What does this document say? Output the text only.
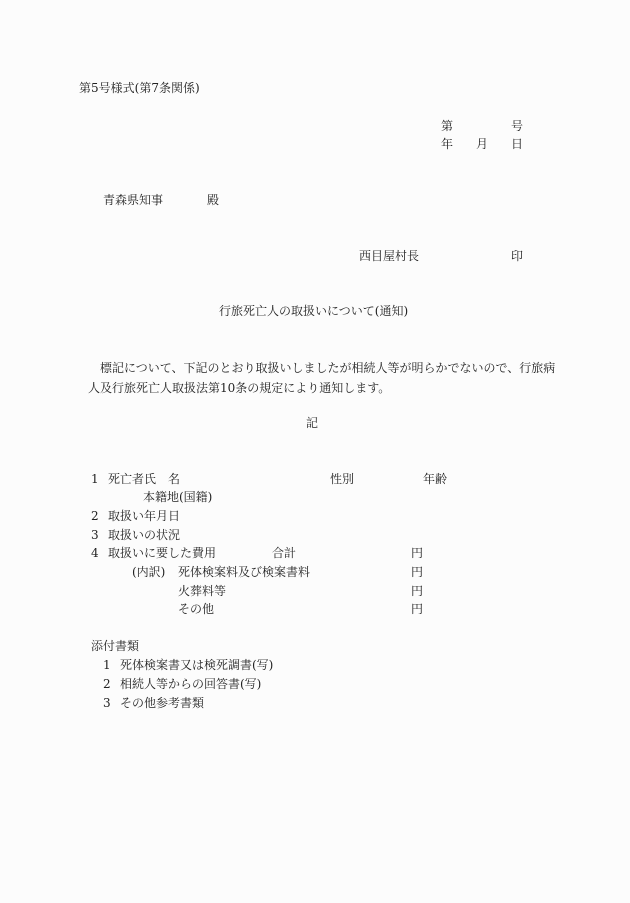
第5号様式(第7条関係)
第	号
年 月 日
青森県知事	殿
西目屋村長	印
行旅死亡人の取扱いについて(通知)
標記について、下記のとおり取扱いしましたが相続人等が明らかでないので、行旅病人及行旅死亡人取扱法第10条の規定により通知します。
記
1 死亡者氏　名	性別	年齢
本籍地(国籍)
2 取扱い年月日
3 取扱いの状況
4 取扱いに要した費用	合計	円
(内訳) 死体検案料及び検案書料	円
火葬料等	円
その他	円
添付書類
1 死体検案書又は検死調書(写)
2 相続人等からの回答書(写)
3 その他参考書類
